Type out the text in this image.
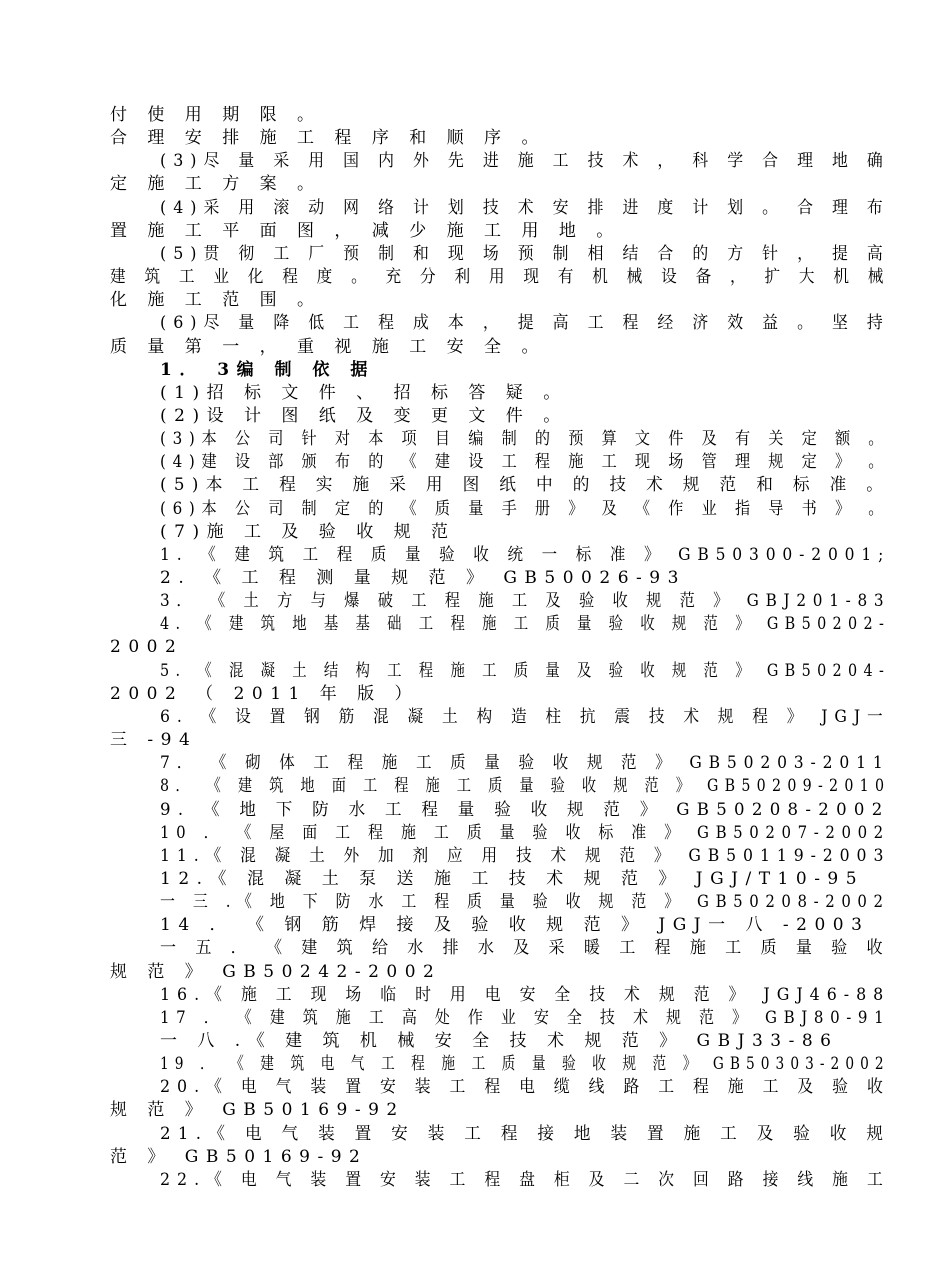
付 使 用 期 限 。
合 理 安 排 施 工 程 序 和 顺 序 。
(3)尽 量 采 用 国 内 外 先 进 施 工 技 术 ， 科 学 合 理 地 确
定 施 工 方 案 。
(4)采 用 滚 动 网 络 计 划 技 术 安 排 进 度 计 划 。 合 理 布
置 施 工 平 面 图 ， 减 少 施 工 用 地 。
(5)贯 彻 工 厂 预 制 和 现 场 预 制 相 结 合 的 方 针 ， 提 高
建 筑 工 业 化 程 度 。 充 分 利 用 现 有 机 械 设 备 ， 扩 大 机 械
化 施 工 范 围 。
(6)尽 量 降 低 工 程 成 本 ， 提 高 工 程 经 济 效 益 。 坚 持
质 量 第 一 ， 重 视 施 工 安 全 。
1． 3编 制 依 据
(1)招 标 文 件 、 招 标 答 疑 。
(2)设 计 图 纸 及 变 更 文 件 。
(3)本 公 司 针 对 本 项 目 编 制 的 预 算 文 件 及 有 关 定 额 。
(4)建 设 部 颁 布 的 《 建 设 工 程 施 工 现 场 管 理 规 定 》 。
(5)本 工 程 实 施 采 用 图 纸 中 的 技 术 规 范 和 标 准 。
(6)本 公 司 制 定 的 《 质 量 手 册 》 及 《 作 业 指 导 书 》 。
(7)施 工 及 验 收 规 范
1. 《 建 筑 工 程 质 量 验 收 统 一 标 准 》 GB50300-2001;
2. 《 工 程 测 量 规 范 》 GB50026-93
3． 《 土 方 与 爆 破 工 程 施 工 及 验 收 规 范 》 GBJ201-83
4. 《 建 筑 地 基 基 础 工 程 施 工 质 量 验 收 规 范 》 GB50202-
2002
5. 《 混 凝 土 结 构 工 程 施 工 质 量 及 验 收 规 范 》 GB50204-
2002 （ 2011 年 版 ）
6. 《 设 置 钢 筋 混 凝 土 构 造 柱 抗 震 技 术 规 程 》 JGJ一
三 -94
7． 《 砌 体 工 程 施 工 质 量 验 收 规 范 》 GB50203-2011
8． 《 建 筑 地 面 工 程 施 工 质 量 验 收 规 范 》 GB50209-2010
9. 《 地 下 防 水 工 程 量 验 收 规 范 》 GB50208-2002
10 ． 《 屋 面 工 程 施 工 质 量 验 收 标 准 》 GB50207-2002
11.《 混 凝 土 外 加 剂 应 用 技 术 规 范 》 GB50119-2003
12.《 混 凝 土 泵 送 施 工 技 术 规 范 》 JGJ/T10-95
一 三 .《 地 下 防 水 工 程 质 量 验 收 规 范 》 GB50208-2002
14 ． 《 钢 筋 焊 接 及 验 收 规 范 》 JGJ一 八 -2003
一 五 ． 《 建 筑 给 水 排 水 及 采 暖 工 程 施 工 质 量 验 收
规 范 》 GB50242-2002
16.《 施 工 现 场 临 时 用 电 安 全 技 术 规 范 》 JGJ46-88
17 ． 《 建 筑 施 工 高 处 作 业 安 全 技 术 规 范 》 GBJ80-91
一 八 .《 建 筑 机 械 安 全 技 术 规 范 》 GBJ33-86
19 ． 《 建 筑 电 气 工 程 施 工 质 量 验 收 规 范 》 GB50303-2002
20.《 电 气 装 置 安 装 工 程 电 缆 线 路 工 程 施 工 及 验 收
规 范 》 GB50169-92
21.《 电 气 装 置 安 装 工 程 接 地 装 置 施 工 及 验 收 规
范 》 GB50169-92
22.《 电 气 装 置 安 装 工 程 盘 柜 及 二 次 回 路 接 线 施 工
